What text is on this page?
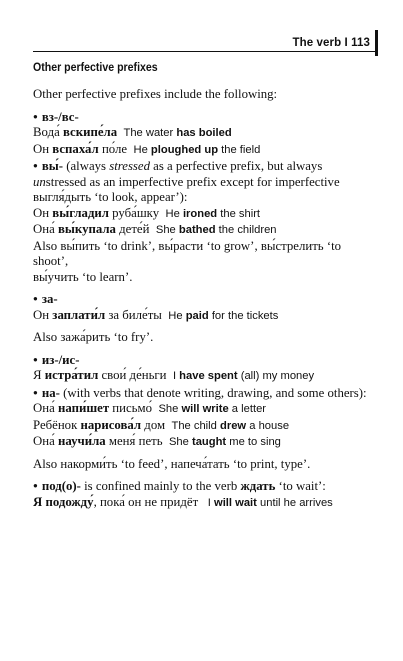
The verb I 113
Other perfective prefixes

Other perfective prefixes include the following:

● вз-/вс-

Вода́ вскипе́ла The water has boiled

Он вспаха́л по́ле He ploughed up the field

● вы́- (always stressed as a perfective prefix, but always

unstressed as an imperfective prefix except for imperfective

выгля́дыть ‘to look, appear’):

Он вы́гладил руба́шку He ironed the shirt

Она́ вы́купала дете́й She bathed the children

Also вы́пить ‘to drink’, вы́расти ‘to grow’, вы́стрелить ‘to shoot’,

вы́учить ‘to learn’.

● за-

Он заплати́л за биле́ты He paid for the tickets

Also зажа́рить ‘to fry’.

● из-/ис-

Я истра́тил свои́ де́ньги I have spent (all) my money

● на- (with verbs that denote writing, drawing, and some others):

Она́ напи́шет письмо́ She will write a letter

Ребёнок нарисова́л дом The child drew a house

Она́ научи́ла меня́ петь She taught me to sing

Also накорми́ть ‘to feed’, напеча́тать ‘to print, type’.

● под(о)- is confined mainly to the verb ждать ‘to wait’:

Я подожду́, пока́ он не придёт I will wait until he arrives
